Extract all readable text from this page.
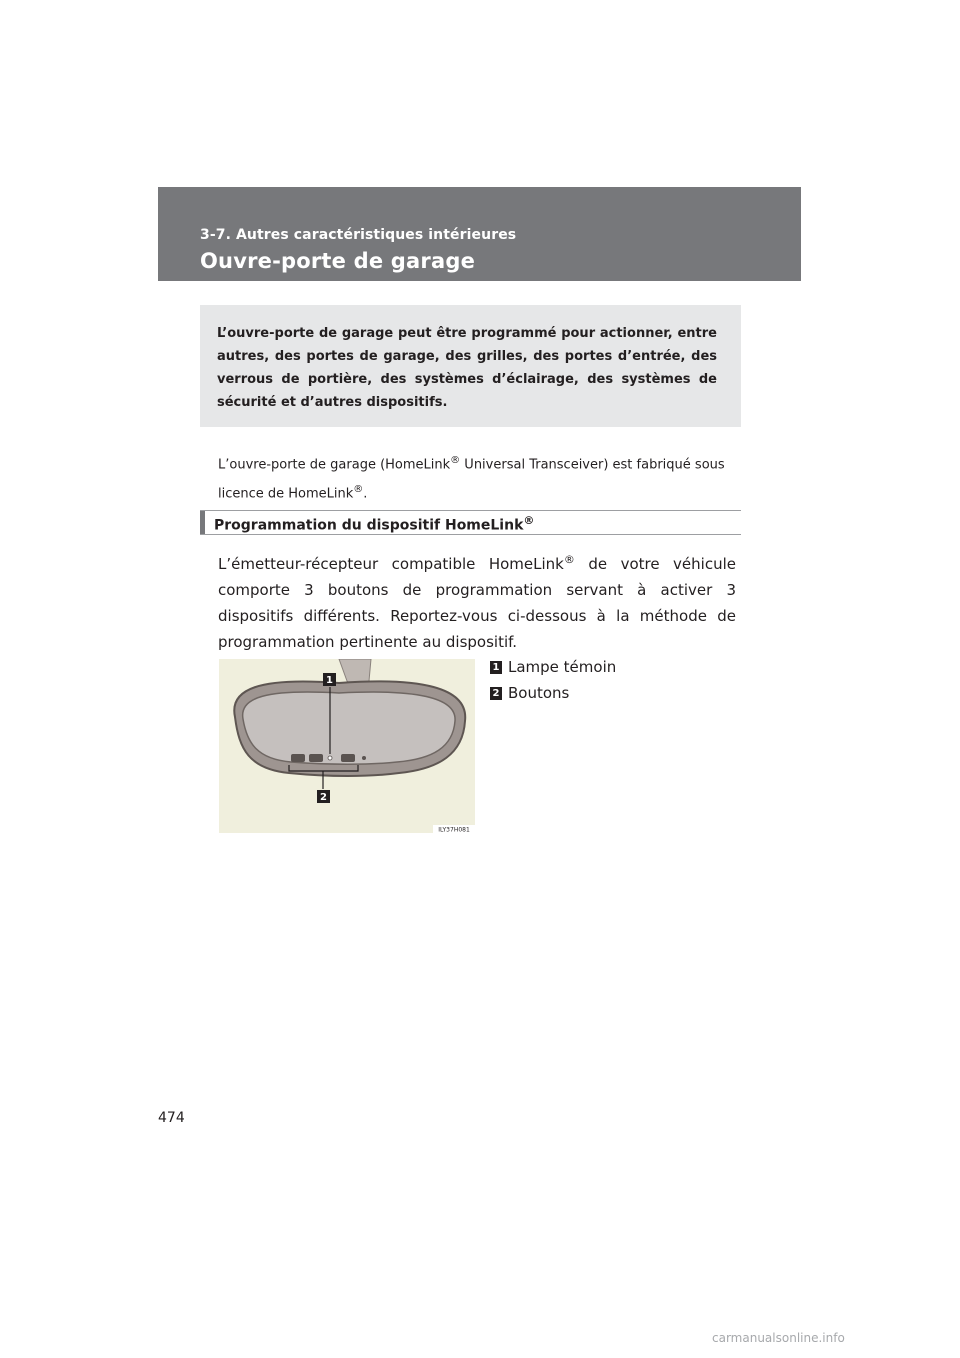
3-7. Autres caractéristiques intérieures
Ouvre-porte de garage
L’ouvre-porte de garage peut être programmé pour actionner, entre autres, des portes de garage, des grilles, des portes d’entrée, des verrous de portière, des systèmes d’éclairage, des systèmes de sécurité et d’autres dispositifs.
L’ouvre-porte de garage (HomeLink® Universal Transceiver) est fabriqué sous licence de HomeLink®.
Programmation du dispositif HomeLink®
L’émetteur-récepteur compatible HomeLink® de votre véhicule comporte 3 boutons de programmation servant à activer 3 dispositifs différents. Reportez-vous ci-dessous à la méthode de programmation pertinente au dispositif.
1
2
ILY37H081
1 Lampe témoin
2 Boutons
474
carmanualsonline.info
